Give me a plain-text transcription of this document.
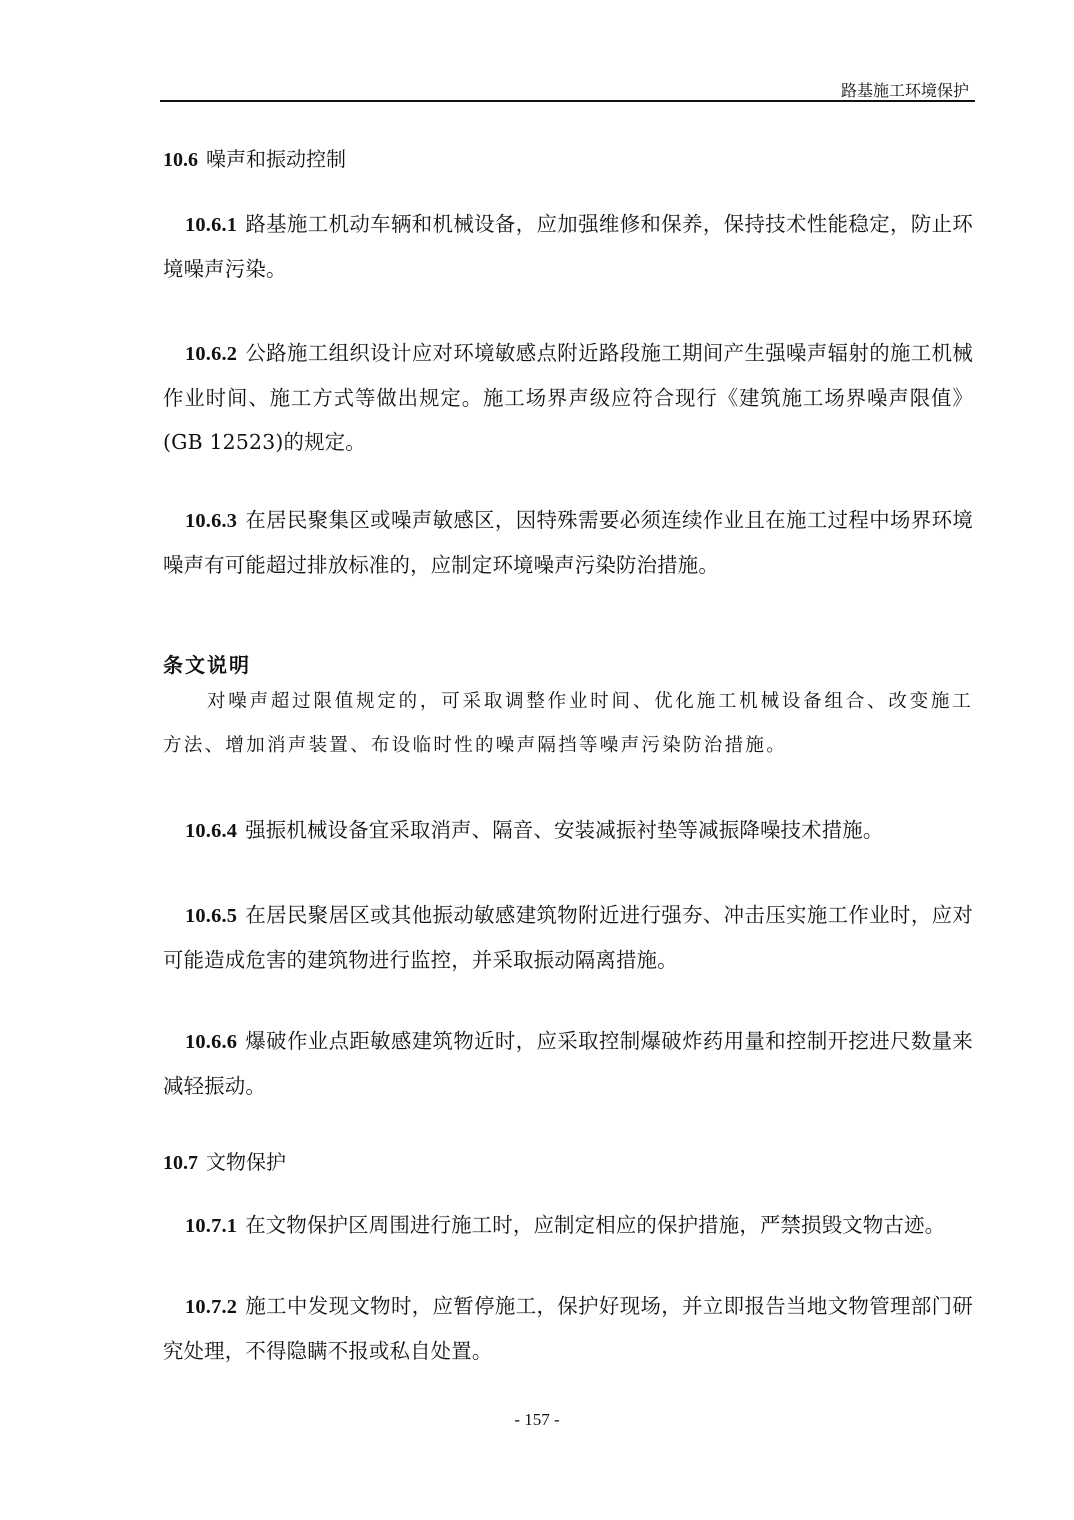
路基施工环境保护
10.6 噪声和振动控制
10.6.1 路基施工机动车辆和机械设备，应加强维修和保养，保持技术性能稳定，防止环境噪声污染。
10.6.2 公路施工组织设计应对环境敏感点附近路段施工期间产生强噪声辐射的施工机械作业时间、施工方式等做出规定。施工场界声级应符合现行《建筑施工场界噪声限值》(GB 12523)的规定。
10.6.3 在居民聚集区或噪声敏感区，因特殊需要必须连续作业且在施工过程中场界环境噪声有可能超过排放标准的，应制定环境噪声污染防治措施。
条文说明
对噪声超过限值规定的，可采取调整作业时间、优化施工机械设备组合、改变施工方法、增加消声装置、布设临时性的噪声隔挡等噪声污染防治措施。
10.6.4 强振机械设备宜采取消声、隔音、安装减振衬垫等减振降噪技术措施。
10.6.5 在居民聚居区或其他振动敏感建筑物附近进行强夯、冲击压实施工作业时，应对可能造成危害的建筑物进行监控，并采取振动隔离措施。
10.6.6 爆破作业点距敏感建筑物近时，应采取控制爆破炸药用量和控制开挖进尺数量来减轻振动。
10.7 文物保护
10.7.1 在文物保护区周围进行施工时，应制定相应的保护措施，严禁损毁文物古迹。
10.7.2 施工中发现文物时，应暂停施工，保护好现场，并立即报告当地文物管理部门研究处理，不得隐瞒不报或私自处置。
- 157 -
